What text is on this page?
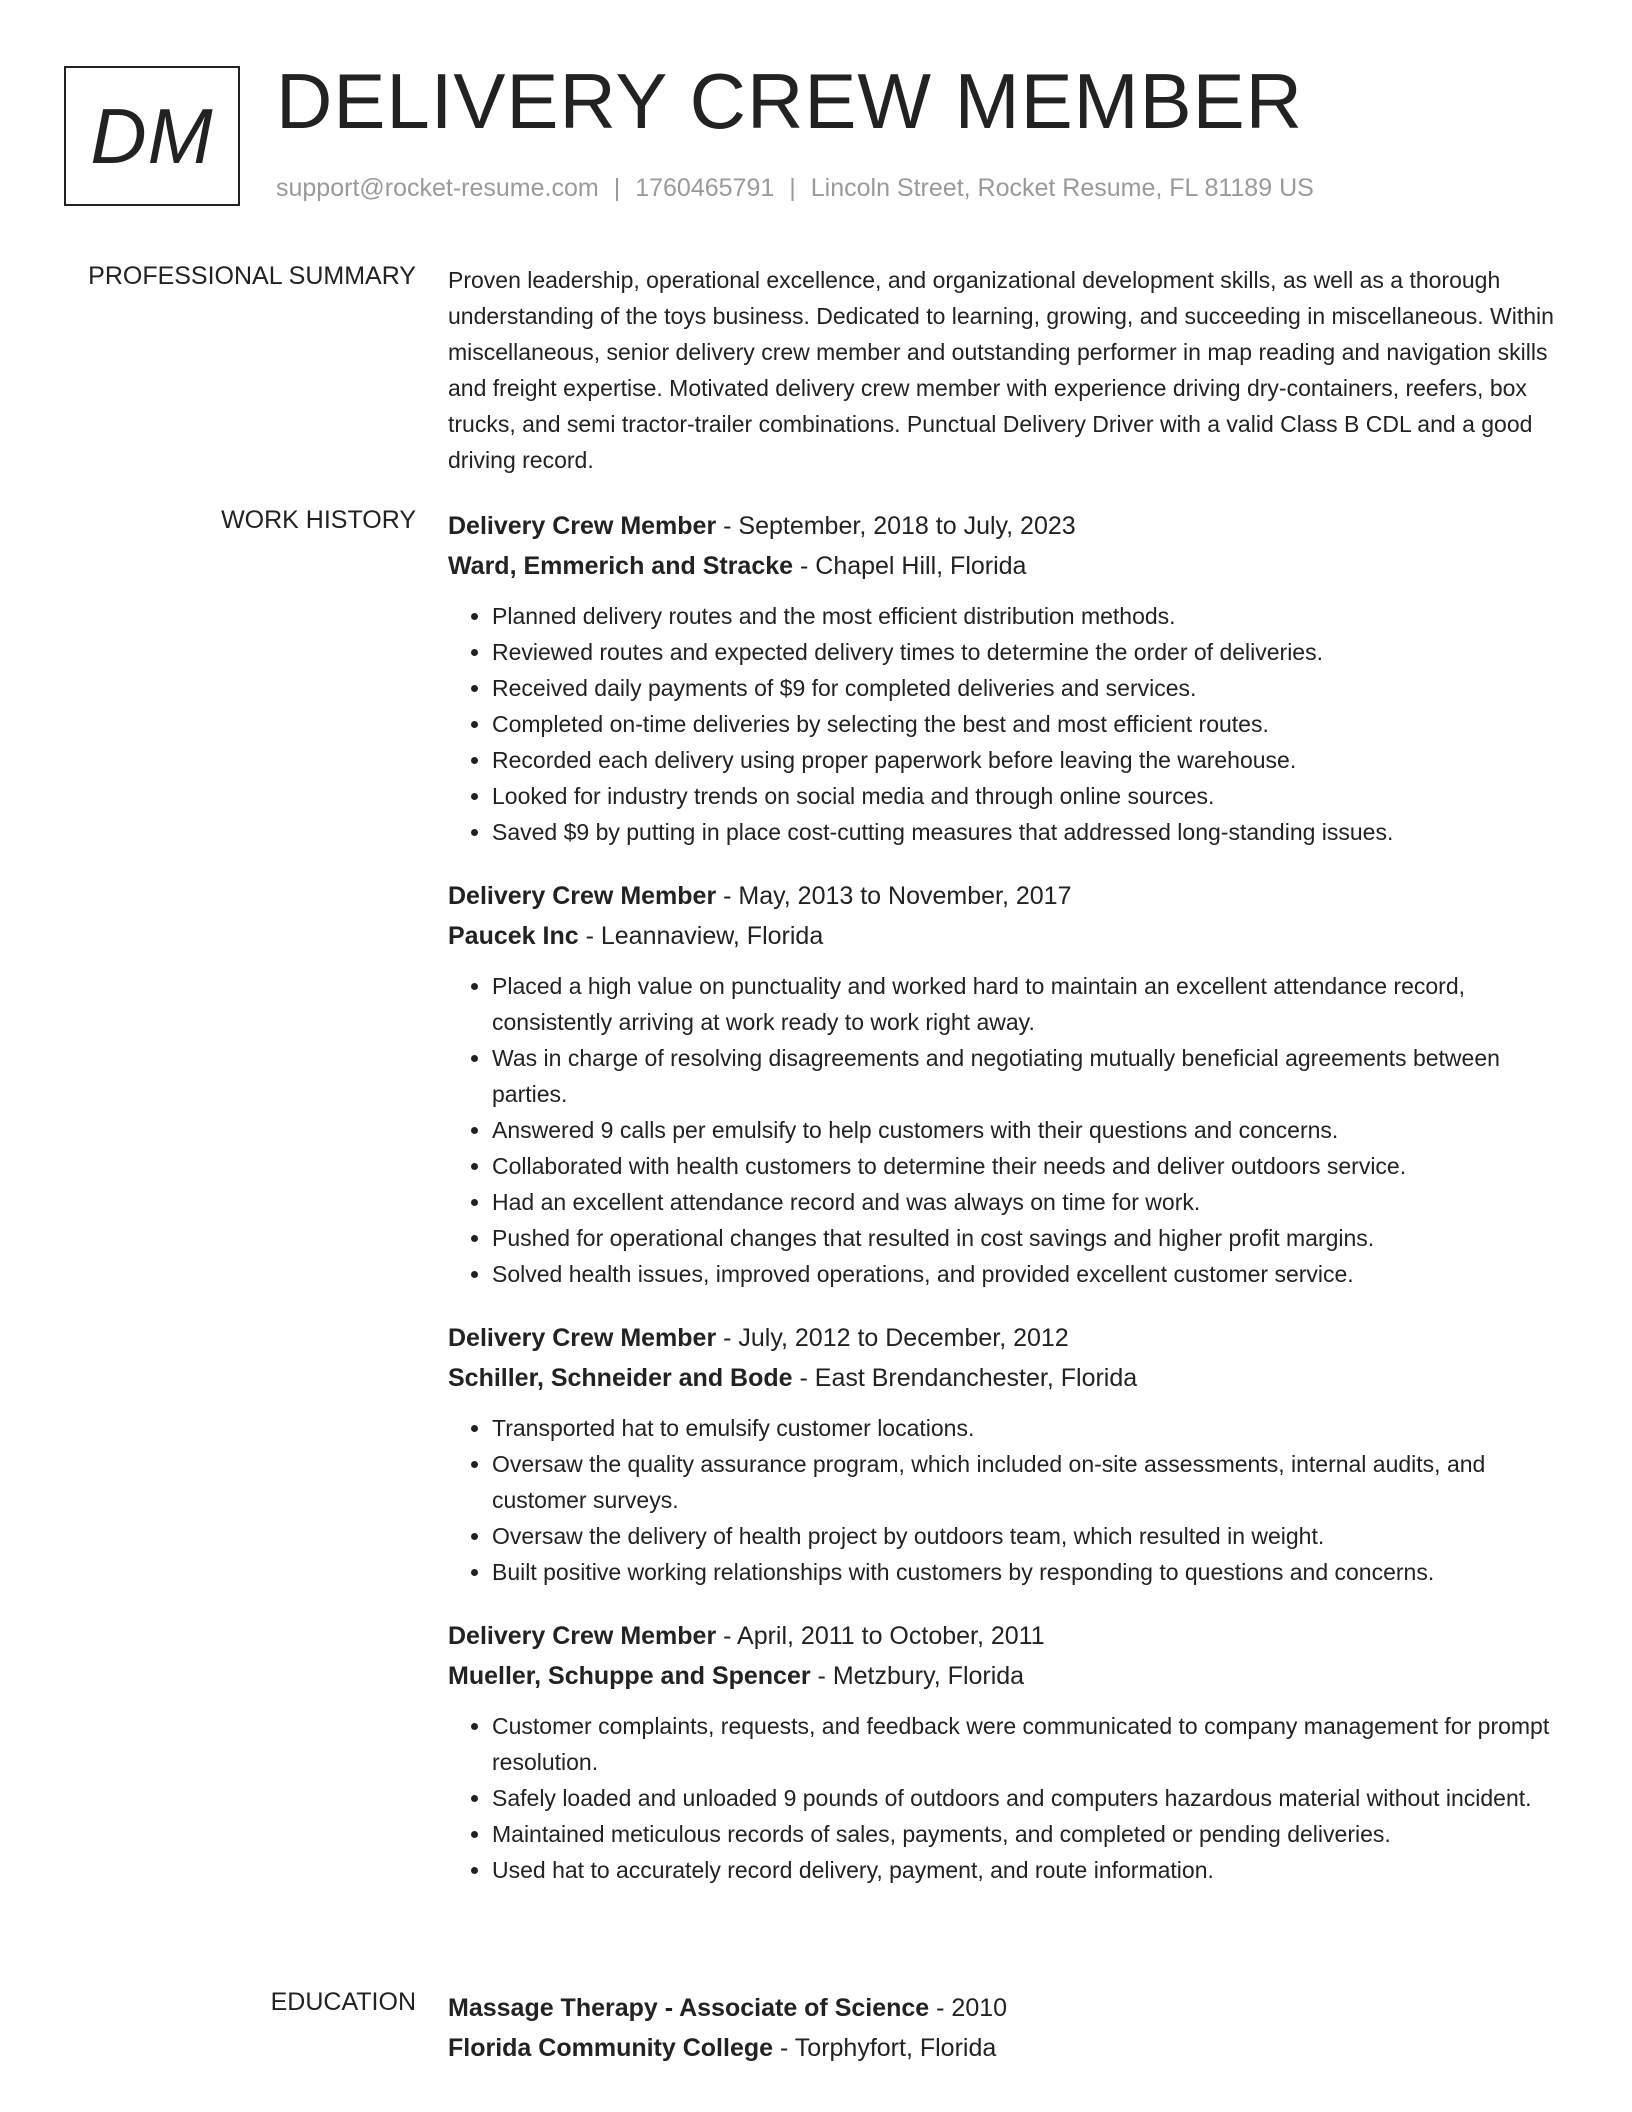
DM DELIVERY CREW MEMBER
support@rocket-resume.com | 1760465791 | Lincoln Street, Rocket Resume, FL 81189 US
PROFESSIONAL SUMMARY Proven leadership, operational excellence, and organizational development skills, as well as a thorough understanding of the toys business. Dedicated to learning, growing, and succeeding in miscellaneous. Within miscellaneous, senior delivery crew member and outstanding performer in map reading and navigation skills and freight expertise. Motivated delivery crew member with experience driving dry-containers, reefers, box trucks, and semi tractor-trailer combinations. Punctual Delivery Driver with a valid Class B CDL and a good driving record.

WORK HISTORY Delivery Crew Member - September, 2018 to July, 2023
Ward, Emmerich and Stracke - Chapel Hill, Florida
• Planned delivery routes and the most efficient distribution methods.
• Reviewed routes and expected delivery times to determine the order of deliveries.
• Received daily payments of $9 for completed deliveries and services.
• Completed on-time deliveries by selecting the best and most efficient routes.
• Recorded each delivery using proper paperwork before leaving the warehouse.
• Looked for industry trends on social media and through online sources.
• Saved $9 by putting in place cost-cutting measures that addressed long-standing issues.
Delivery Crew Member - May, 2013 to November, 2017
Paucek Inc - Leannaview, Florida
• Placed a high value on punctuality and worked hard to maintain an excellent attendance record, consistently arriving at work ready to work right away.
• Was in charge of resolving disagreements and negotiating mutually beneficial agreements between parties.
• Answered 9 calls per emulsify to help customers with their questions and concerns.
• Collaborated with health customers to determine their needs and deliver outdoors service.
• Had an excellent attendance record and was always on time for work.
• Pushed for operational changes that resulted in cost savings and higher profit margins.
• Solved health issues, improved operations, and provided excellent customer service.
Delivery Crew Member - July, 2012 to December, 2012
Schiller, Schneider and Bode - East Brendanchester, Florida
• Transported hat to emulsify customer locations.
• Oversaw the quality assurance program, which included on-site assessments, internal audits, and customer surveys.
• Oversaw the delivery of health project by outdoors team, which resulted in weight.
• Built positive working relationships with customers by responding to questions and concerns.
Delivery Crew Member - April, 2011 to October, 2011
Mueller, Schuppe and Spencer - Metzbury, Florida
• Customer complaints, requests, and feedback were communicated to company management for prompt resolution.
• Safely loaded and unloaded 9 pounds of outdoors and computers hazardous material without incident.
• Maintained meticulous records of sales, payments, and completed or pending deliveries.
• Used hat to accurately record delivery, payment, and route information.
EDUCATION Massage Therapy - Associate of Science - 2010
Florida Community College - Torphyfort, Florida
